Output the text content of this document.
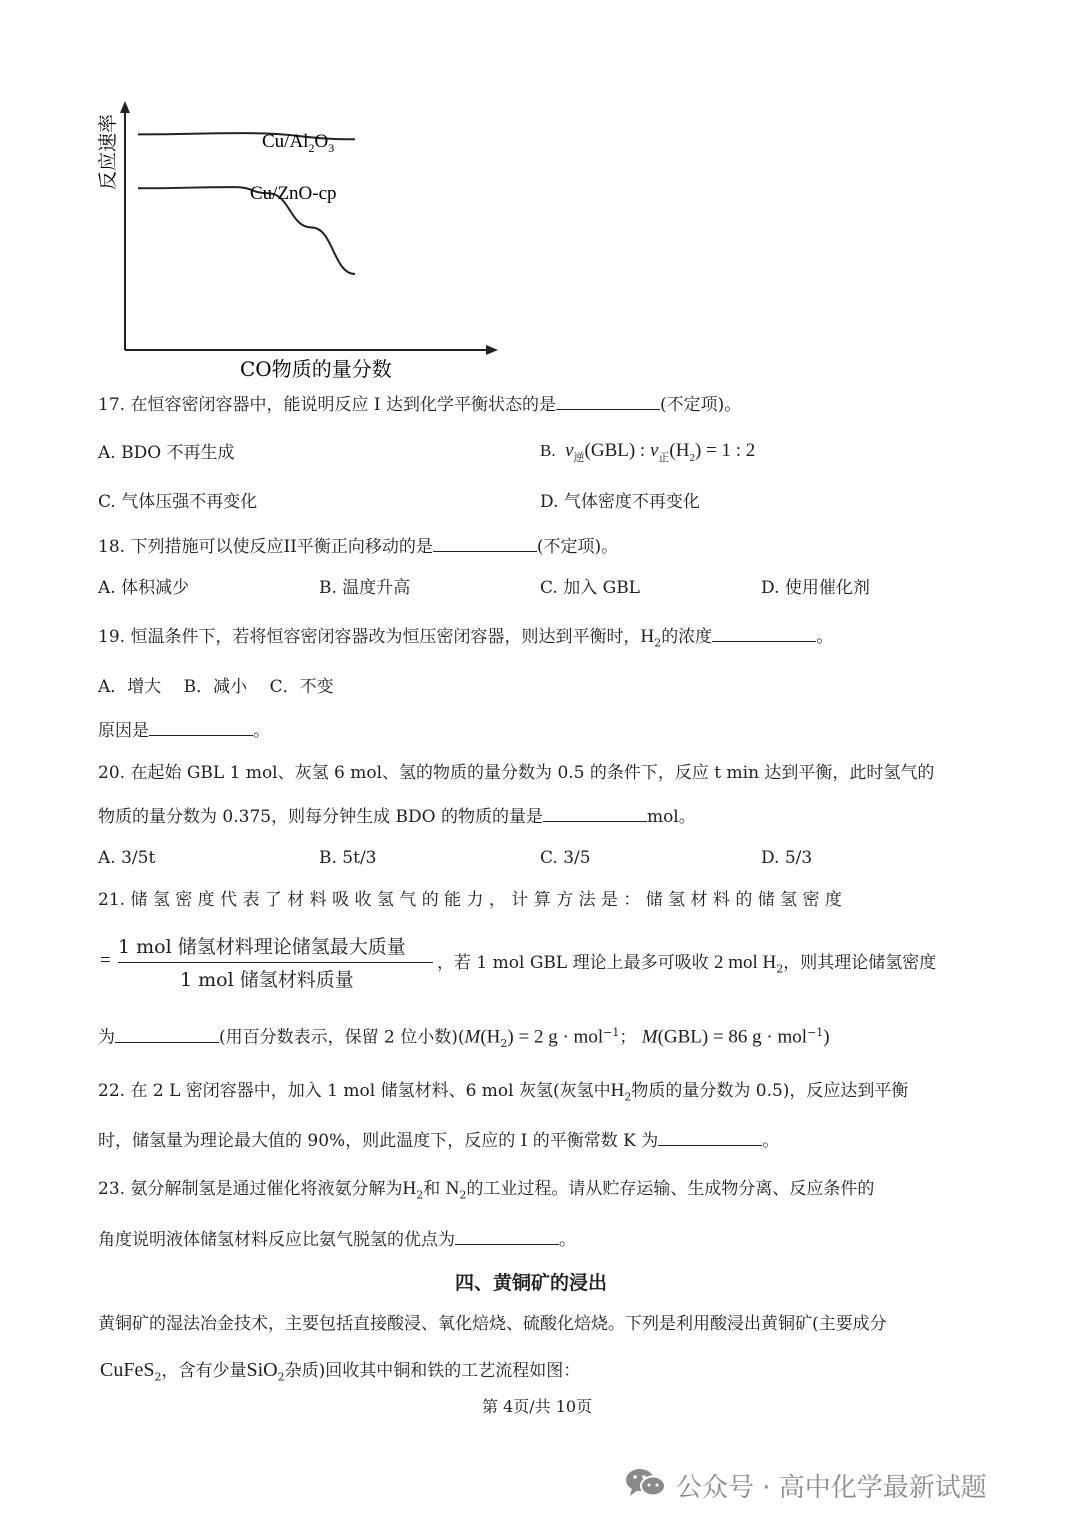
$Cu/Al_2O_3$
Cu/ZnO-cp
反应速率
CO物质的量分数
17. 在恒容密闭容器中，能说明反应 I 达到化学平衡状态的是	(不定项)。
A. BDO 不再生成	B. $v_逆(GBL)$ : $v_正(H_2) = 1$ : 2
C. 气体压强不再变化	D. 气体密度不再变化
18. 下列措施可以使反应II平衡正向移动的是	(不定项)。
A. 体积减少	B. 温度升高	C. 加入 GBL	D. 使用催化剂
19. 恒温条件下，若将恒容密闭容器改为恒压密闭容器，则达到平衡时，$H_2$的浓度	。
A．增大　 B．减小　 C．不变
原因是	。
20. 在起始 GBL 1 mol、灰氢 6 mol、氢的物质的量分数为 0.5 的条件下，反应 t min 达到平衡，此时氢气的
物质的量分数为 0.375，则每分钟生成 BDO 的物质的量是	mol。
A. 3/5t	B. 5t/3	C. 3/5	D. 5/3
21. 储 氢 密 度 代 表 了 材 料 吸 收 氢 气 的 能 力 ， 计 算 方 法 是 ： 储 氢 材 料 的 储 氢 密 度
=
1 mol 储氢材料理论储氢最大质量
1 mol 储氢材料质量
，若 1 mol GBL 理论上最多可吸收 2 mol $H_2$，则其理论储氢密度
为	(用百分数表示，保留 2 位小数)($M(H_2) = 2$ g · mol$^{-1}$； M(GBL) = 86 g · mol$^{-1}$)
22. 在 2 L 密闭容器中，加入 1 mol 储氢材料、6 mol 灰氢(灰氢中$H_2$物质的量分数为 0.5)，反应达到平衡
时，储氢量为理论最大值的 90%，则此温度下，反应的 I 的平衡常数 K 为	。
23. 氨分解制氢是通过催化将液氨分解为$H_2$和 $N_2$的工业过程。请从贮存运输、生成物分离、反应条件的
角度说明液体储氢材料反应比氨气脱氢的优点为	。
四、黄铜矿的浸出
黄铜矿的湿法冶金技术，主要包括直接酸浸、氧化焙烧、硫酸化焙烧。下列是利用酸浸出黄铜矿(主要成分
CuFeS$_2$，含有少量SiO$_2$杂质)回收其中铜和铁的工艺流程如图：
第 4页/共 10页
公众号 · 高中化学最新试题
